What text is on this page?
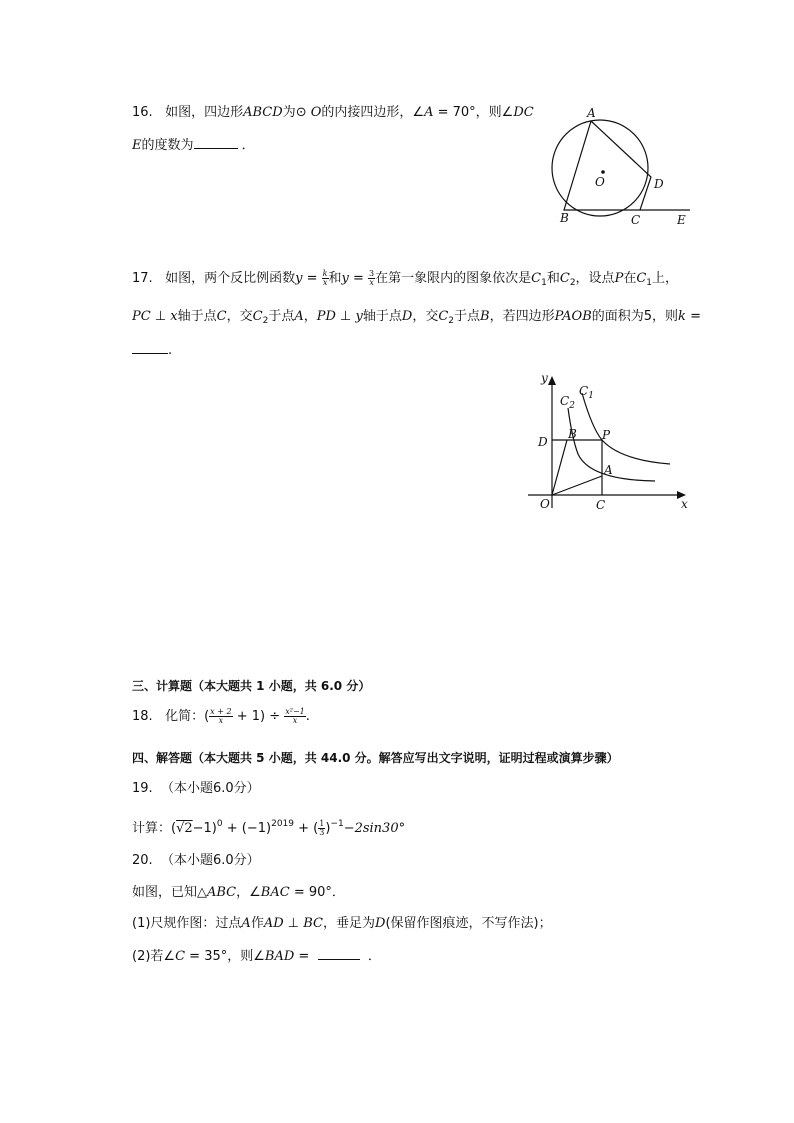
16. 如图，四边形ABCD为⊙ O的内接四边形，∠A = 70°，则∠DC
E的度数为	．
A
O	D
B	C	E
17. 如图，两个反比例函数$y = \frac{k}{x}$ 和$y = \frac{3}{x}$ 在第一象限内的图象依次是$C_1$和$C_2$，设点P在$C_1$上，
PC ⊥ x轴于点C，交$C_2$于点A，PD ⊥ y轴于点D，交$C_2$于点B，若四边形PAOB的面积为5，则k =
.
y
$C_2$
$C_1$
B P
D
A
O	C	x
三、计算题（本大题共 1 小题，共 6.0 分）
18. 化简：( $\frac{x + 2}{x} + 1) \div \frac{\text{x²−1}}{x}$ .
四、解答题（本大题共 5 小题，共 44.0 分。解答应写出文字说明，证明过程或演算步骤）
19. （本小题6.0分）
计算：$(√2-1)^0 + (-1)^{2019}$ + ( $\frac{1}{3} )^{-1}-2\sin 30^\circ$
20. （本小题6.0分）
如图，已知△ABC，∠BAC = 90°．
(1)尺规作图：过点A作AD ⊥ BC，垂足为D(保留作图痕迹，不写作法)；
(2)若∠C = 35°，则∠BAD =	．
